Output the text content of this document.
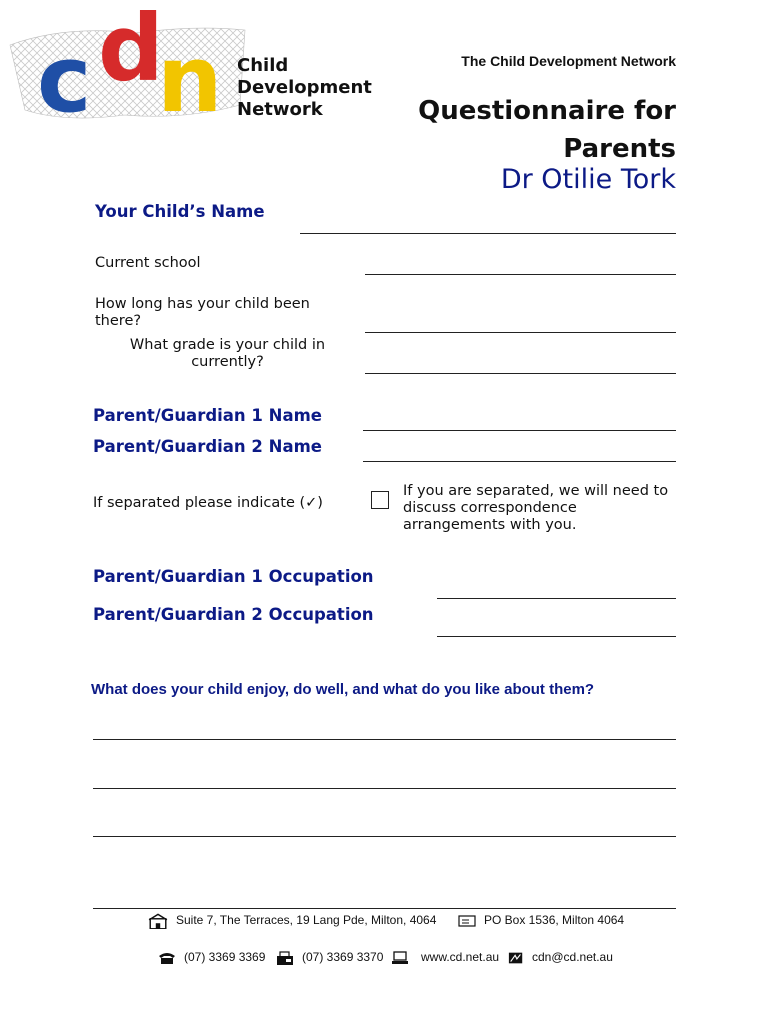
c d
n Child
Development
Network
The Child Development Network
Questionnaire for
Parents
Dr Otilie Tork
Your Child’s Name
Current school
How long has your child been there?
What grade is your child in currently?
Parent/Guardian 1 Name
Parent/Guardian 2 Name
If separated please indicate (✓)
If you are separated, we will need to discuss correspondence arrangements with you.
Parent/Guardian 1 Occupation
Parent/Guardian 2 Occupation
What does your child enjoy, do well, and what do you like about them?
Suite 7, The Terraces, 19 Lang Pde, Milton, 4064	PO Box 1536, Milton 4064
(07) 3369 3369	(07) 3369 3370	www.cd.net.au	cdn@cd.net.au
